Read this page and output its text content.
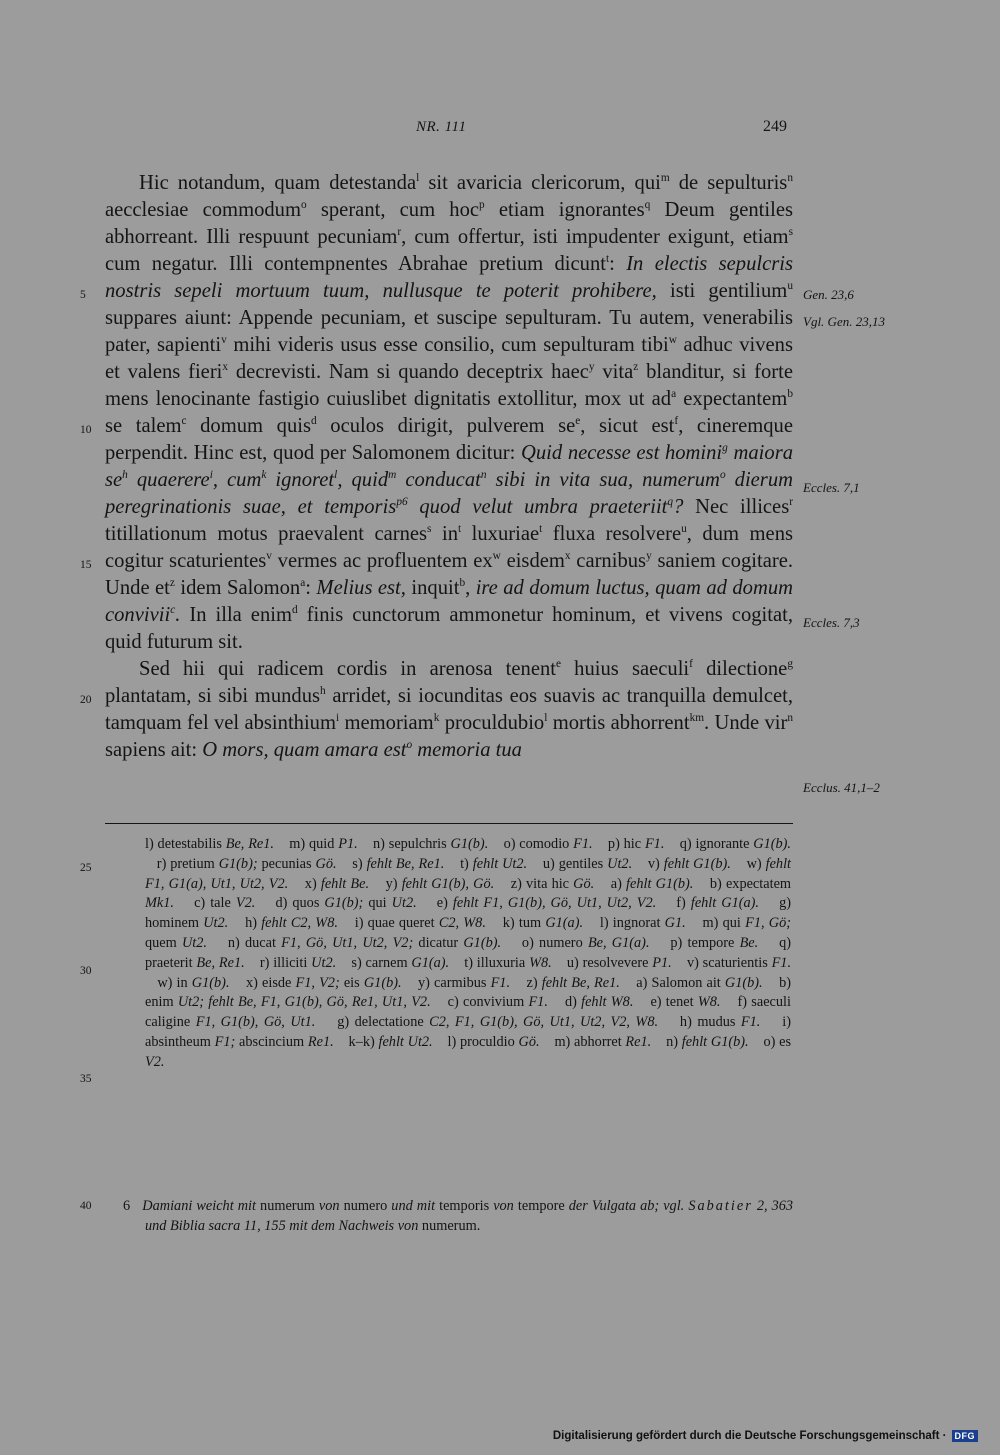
NR. 111	249

Hic notandum, quam detestanda$^l$ sit avaricia clericorum, qui$^m$ de sepulturis$^n$ aecclesiae commodum$^o$ sperant, cum hoc$^p$ etiam ignorantes$^q$ Deum gentiles abhorreant. Illi respuunt pecuniam$^r$, cum offertur, isti impudenter exigunt, etiam$^s$ cum negatur. Illi contempnentes Abrahae pretium dicunt$^t$: In electis sepulcris nostris sepeli mortuum tuum, nullusque te poterit prohibere, isti gentilium$^u$ suppares aiunt: Appende pecuniam, et suscipe sepulturam. Tu autem, venerabilis pater, sapienti$^v$ mihi videris usus esse consilio, cum sepulturam tibi$^w$ adhuc vivens et valens fieri$^x$ decrevisti. Nam si quando deceptrix haec$^y$ vita$^z$ blanditur, si forte mens lenocinante fastigio cuiuslibet dignitatis extollitur, mox ut $ad^a$ expectantem$^b$ se talem$^c$ domum quis$^d$ oculos dirigit, pulverem $se^e$, sicut est$^f$, cineremque perpendit. Hinc est, quod per Salomonem dicitur: Quid necesse est homini$^g$ maiora $se^h$ quaerere$^i$, cum$^k$ ignoret$^l$, quid$^m$ conducat$^n$ sibi in vita sua, numerum$^o$ dierum peregrinationis suae, et temporis$^{p6}$ quod velut umbra praeteriit$^q$? Nec illices$^r$ titillationum motus praevalent carnes$^s$ $in^t$ luxuriae$^t$ fluxa resolvere$^u$, dum mens cogitur scaturientes$^v$ vermes ac profluentem $ex^w$ eisdem$^x$ carnibus$^y$ saniem cogitare. Unde $et^z$ idem Salomon$^a$: Melius est, inquit$^b$, ire ad domum luctus, quam ad domum convivii$^c$. In illa enim$^d$ finis cunctorum ammonetur hominum, et vivens cogitat, quid futurum sit.

Sed hii qui radicem cordis in arenosa tenent$^e$ huius saeculi$^f$ dilectione$^g$ plantatam, si sibi mundus$^h$ arridet, si iocunditas eos suavis ac tranquilla demulcet, tamquam fel vel absinthium$^i$ memoriam$^k$ proculdubio$^l$ mortis abhorrent$^{km}$. Unde vir$^n$ sapiens ait: O mors, quam amara est$^o$ memoria tua

5
10
15
20
Gen. 23,6
Vgl. Gen. 23,13
Eccles. 7,1
Eccles. 7,3
Ecclus. 41,1–2

l) detestabilis Be, Re1.    m) quid P1.    n) sepulchris G1(b).    o) comodio F1.    p) hic F1.    q) ignorante G1(b).    r) pretium G1(b); pecunias Gö.    s) fehlt Be, Re1.    t) fehlt Ut2.    u) gentiles Ut2.    v) fehlt G1(b).    w) fehlt F1, G1(a), Ut1, Ut2, V2.    x) fehlt Be.    y) fehlt G1(b), Gö.    z) vita hic Gö.    a) fehlt G1(b).    b) expectatem Mk1.    c) tale V2.    d) quos G1(b); qui Ut2.    e) fehlt F1, G1(b), Gö, Ut1, Ut2, V2.    f) fehlt G1(a).    g) hominem Ut2.    h) fehlt C2, W8.    i) quae queret C2, W8.    k) tum G1(a).    l) ingnorat G1.    m) qui F1, Gö; quem Ut2.    n) ducat F1, Gö, Ut1, Ut2, V2; dicatur G1(b).    o) numero Be, G1(a).    p) tempore Be.    q) praeterit Be, Re1.    r) illiciti Ut2.    s) carnem G1(a).    t) illuxuria W8.    u) resolvevere P1.    v) scaturientis F1.    w) in G1(b).    x) eisde F1, V2; eis G1(b).    y) carmibus F1.    z) fehlt Be, Re1.    a) Salomon ait G1(b).    b) enim Ut2; fehlt Be, F1, G1(b), Gö, Re1, Ut1, V2.    c) convivium F1.    d) fehlt W8.    e) tenet W8.    f) saeculi caligine F1, G1(b), Gö, Ut1.    g) delectatione C2, F1, G1(b), Gö, Ut1, Ut2, V2, W8.    h) mudus F1.    i) absintheum F1; abscincium Re1.    k–k) fehlt Ut2.    l) proculdio Gö.    m) abhorret Re1.    n) fehlt G1(b).    o) es V2.

25
30
35
40	6   Damiani weicht mit numerum von numero und mit temporis von tempore der Vulgata ab; vgl. Sabatier 2, 363 und Biblia sacra 11, 155 mit dem Nachweis von numerum.

Digitalisierung gefördert durch die Deutsche Forschungsgemeinschaft · DFG
